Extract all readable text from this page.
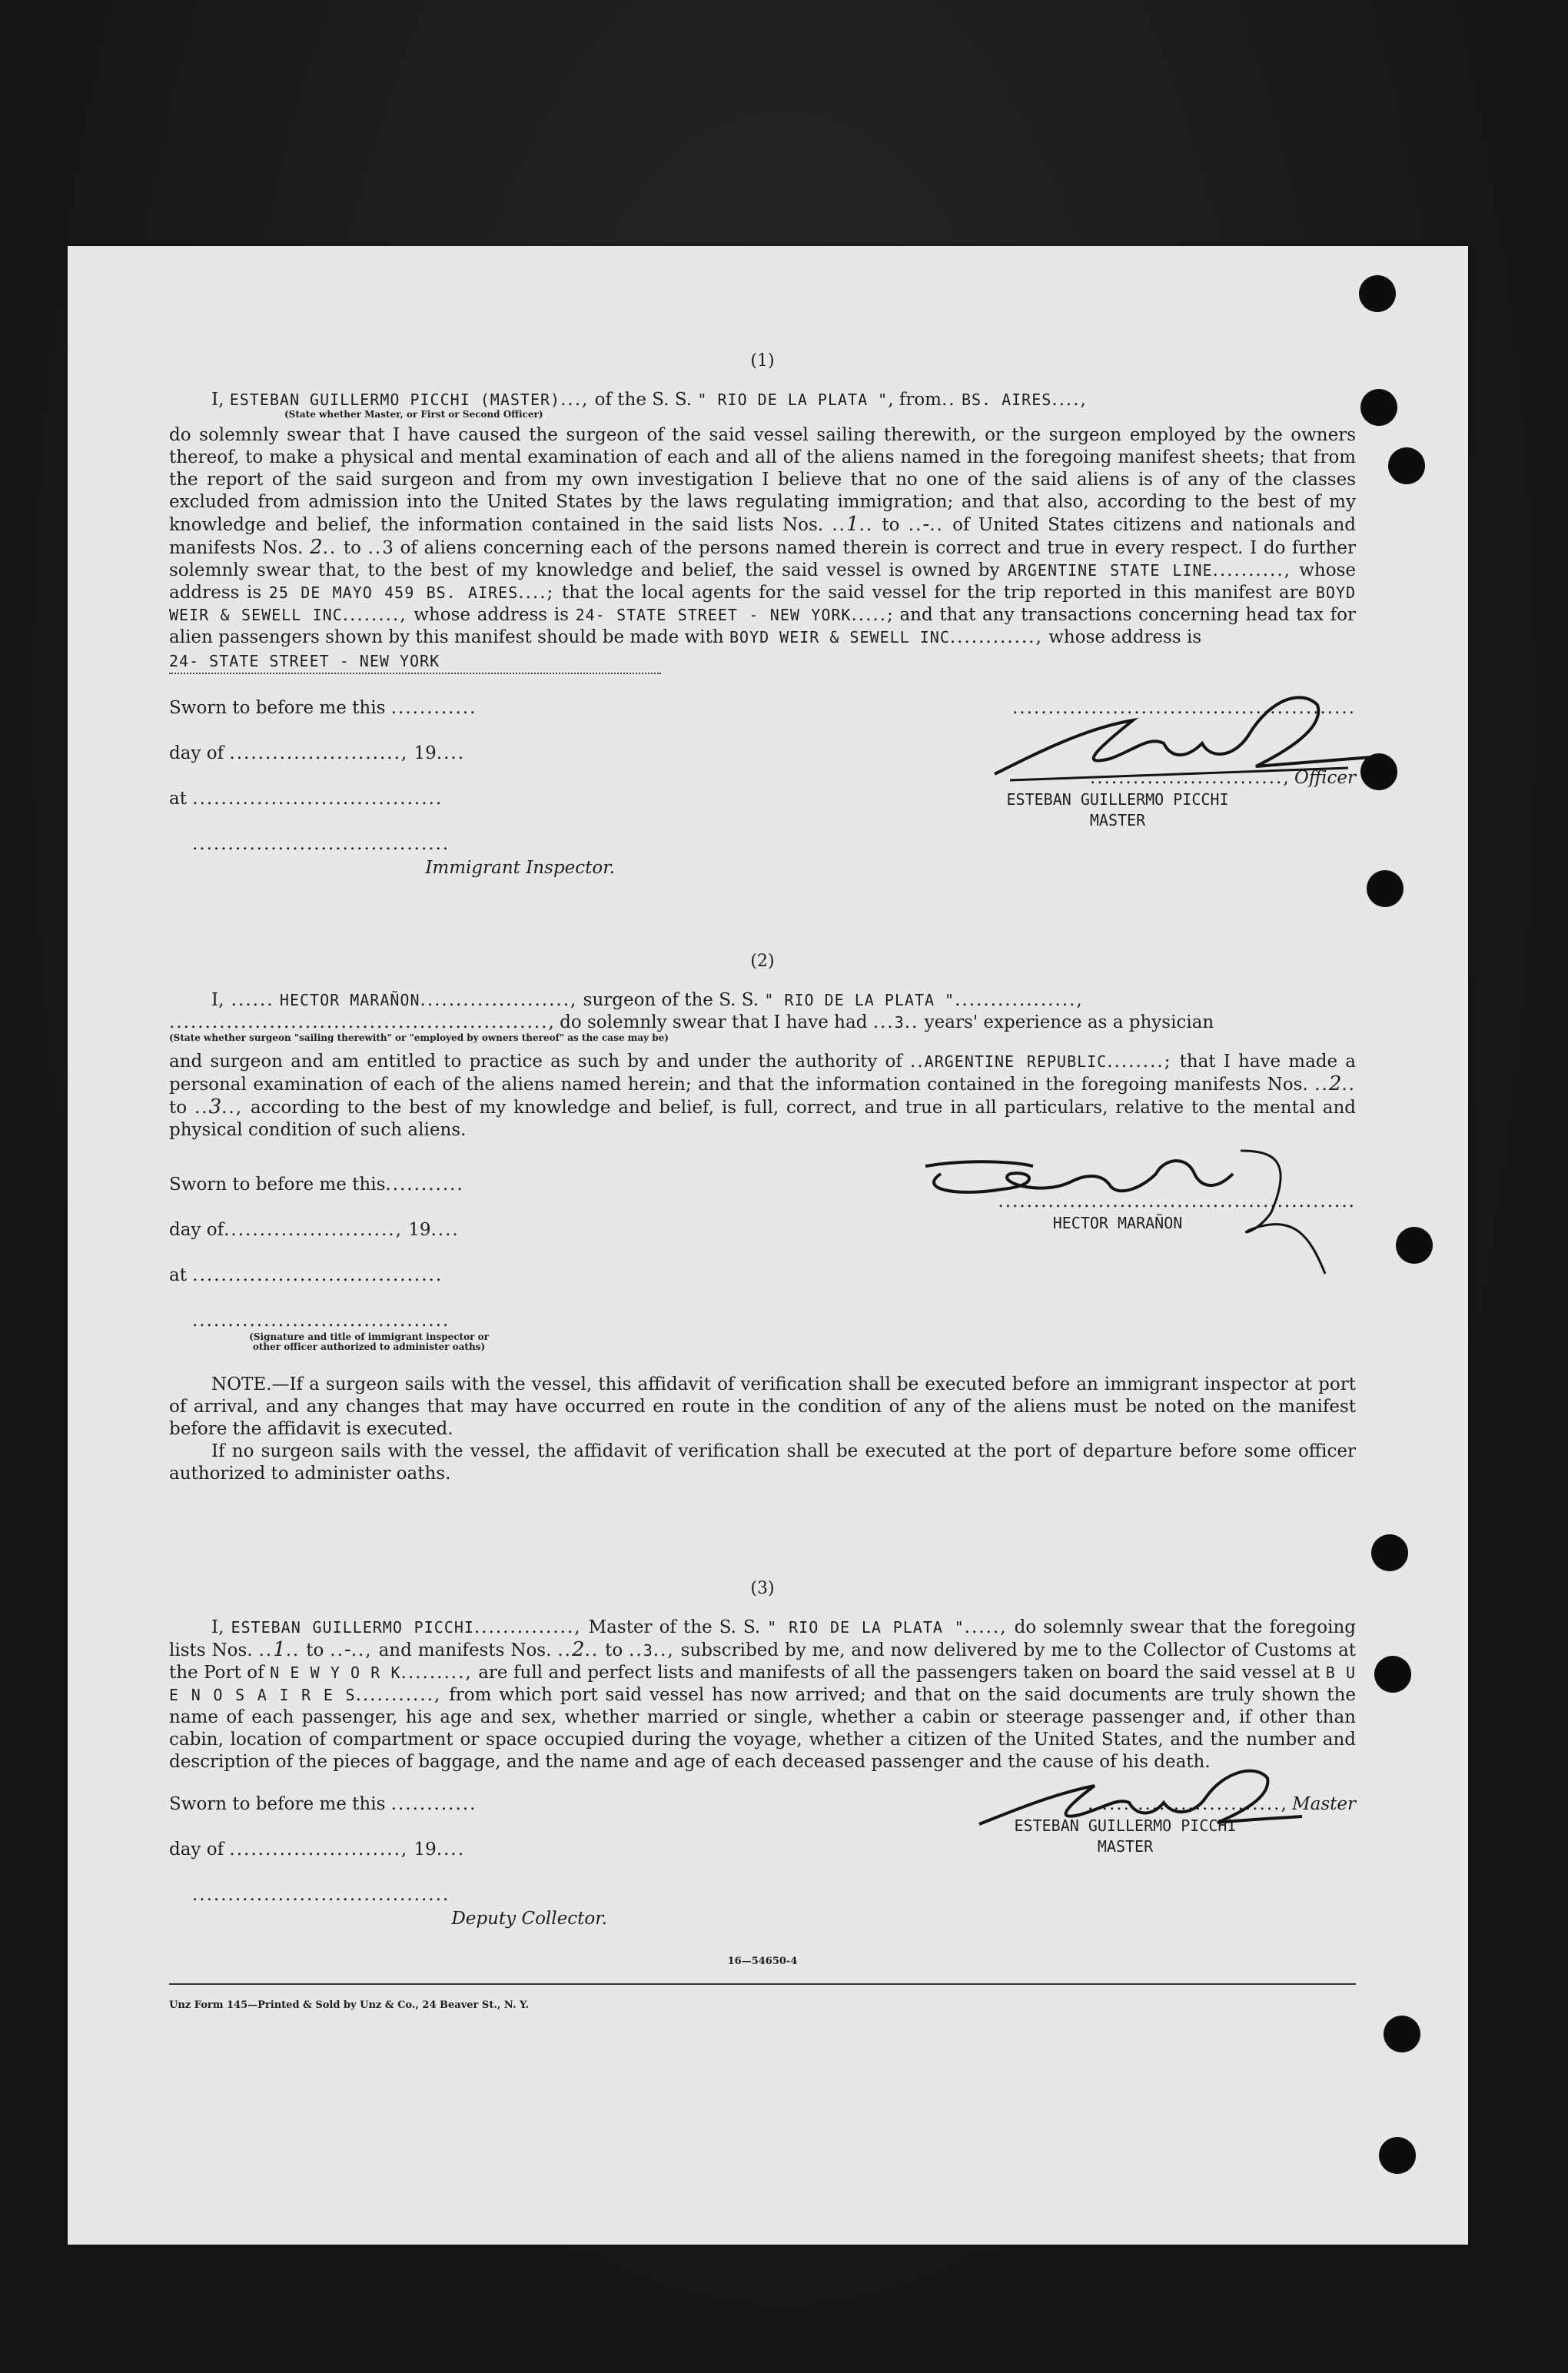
(1)

I, ESTEBAN GUILLERMO PICCHI (MASTER)..., of the S. S. " RIO DE LA PLATA ", from.. BS. AIRES....,

(State whether Master, or First or Second Officer)

do solemnly swear that I have caused the surgeon of the said vessel sailing therewith, or the surgeon employed by the owners thereof, to make a physical and mental examination of each and all of the aliens named in the foregoing manifest sheets; that from the report of the said surgeon and from my own investigation I believe that no one of the said aliens is of any of the classes excluded from admission into the United States by the laws regulating immigration; and that also, according to the best of my knowledge and belief, the information contained in the said lists Nos. ..1.. to ..-.. of United States citizens and nationals and manifests Nos. 2.. to ..3 of aliens concerning each of the persons named therein is correct and true in every respect. I do further solemnly swear that, to the best of my knowledge and belief, the said vessel is owned by ARGENTINE STATE LINE.........., whose address is 25 DE MAYO 459 BS. AIRES....; that the local agents for the said vessel for the trip reported in this manifest are BOYD WEIR & SEWELL INC........, whose address is 24- STATE STREET - NEW YORK.....; and that any transactions concerning head tax for alien passengers shown by this manifest should be made with BOYD WEIR & SEWELL INC............, whose address is

24- STATE STREET - NEW YORK
Sworn to before me this ............
day of ........................, 19....
at ...................................
....................................
Immigrant Inspector.
................................................
..........................., Officer
ESTEBAN GUILLERMO PICCHI
MASTER
(2)

I, ...... HECTOR MARAÑON....................., surgeon of the S. S. " RIO DE LA PLATA ".................,

....................................................., do solemnly swear that I have had ...3.. years' experience as a physician

(State whether surgeon "sailing therewith" or "employed by owners thereof" as the case may be)

and surgeon and am entitled to practice as such by and under the authority of ..ARGENTINE REPUBLIC........; that I have made a personal examination of each of the aliens named herein; and that the information contained in the foregoing manifests Nos. ..2.. to ..3.., according to the best of my knowledge and belief, is full, correct, and true in all particulars, relative to the mental and physical condition of such aliens.

Sworn to before me this...........
day of........................, 19....
at ...................................
....................................
(Signature and title of immigrant inspector or
other officer authorized to administer oaths)
..................................................
HECTOR MARAÑON

NOTE.—If a surgeon sails with the vessel, this affidavit of verification shall be executed before an immigrant inspector at port of arrival, and any changes that may have occurred en route in the condition of any of the aliens must be noted on the manifest before the affidavit is executed.

If no surgeon sails with the vessel, the affidavit of verification shall be executed at the port of departure before some officer authorized to administer oaths.

(3)

I, ESTEBAN GUILLERMO PICCHI.............., Master of the S. S. " RIO DE LA PLATA "....., do solemnly swear that the foregoing lists Nos. ..1.. to ..-.., and manifests Nos. ..2.. to ..3.., subscribed by me, and now delivered by me to the Collector of Customs at the Port of N E W Y O R K........., are full and perfect lists and manifests of all the passengers taken on board the said vessel at B U E N O S A I R E S..........., from which port said vessel has now arrived; and that on the said documents are truly shown the name of each passenger, his age and sex, whether married or single, whether a cabin or steerage passenger and, if other than cabin, location of compartment or space occupied during the voyage, whether a citizen of the United States, and the number and description of the pieces of baggage, and the name and age of each deceased passenger and the cause of his death.

Sworn to before me this ............
day of ........................, 19....
....................................
Deputy Collector.
..........................., Master
ESTEBAN GUILLERMO PICCHI
MASTER
16—54650-4
Unz Form 145—Printed & Sold by Unz & Co., 24 Beaver St., N. Y.
